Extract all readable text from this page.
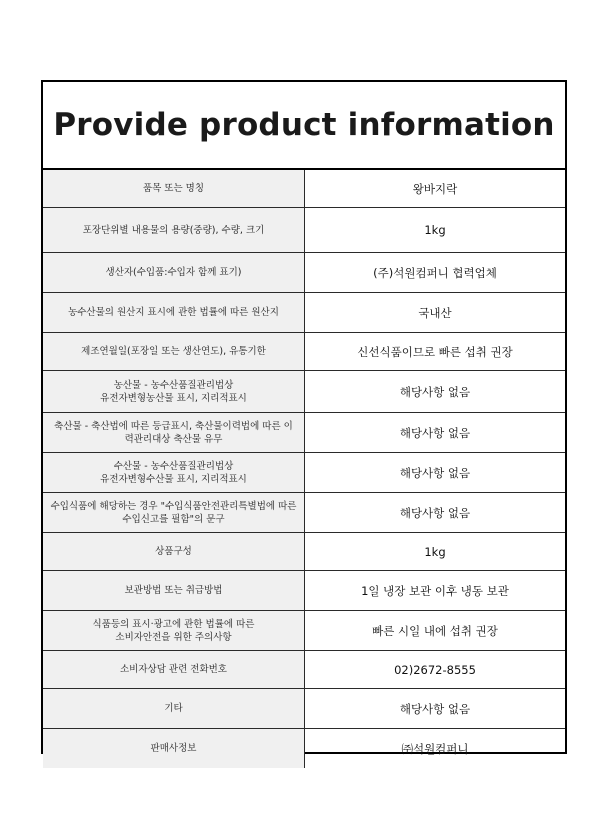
Provide product information
품목 또는 명칭	왕바지락
포장단위별 내용물의 용량(중량), 수량, 크기	1kg
생산자(수입품:수입자 함께 표기)	(주)석원컴퍼니 협력업체
농수산물의 원산지 표시에 관한 법률에 따른 원산지	국내산
제조연월일(포장일 또는 생산연도), 유통기한	신선식품이므로 빠른 섭취 권장
농산물 - 농수산품질관리법상
유전자변형농산물 표시, 지리적표시	해당사항 없음
축산물 - 축산법에 따른 등급표시, 축산물이력법에 따른 이
력관리대상 축산물 유무	해당사항 없음
수산물 - 농수산품질관리법상
유전자변형수산물 표시, 지리적표시	해당사항 없음
수입식품에 해당하는 경우 "수입식품안전관리특별법에 따른
수입신고를 필함"의 문구	해당사항 없음
상품구성	1kg
보관방법 또는 취급방법	1일 냉장 보관 이후 냉동 보관
식품등의 표시·광고에 관한 법률에 따른
소비자안전을 위한 주의사항	빠른 시일 내에 섭취 권장
소비자상담 관련 전화번호	02)2672-8555
기타	해당사항 없음
판매사정보	㈜석원컴퍼니
